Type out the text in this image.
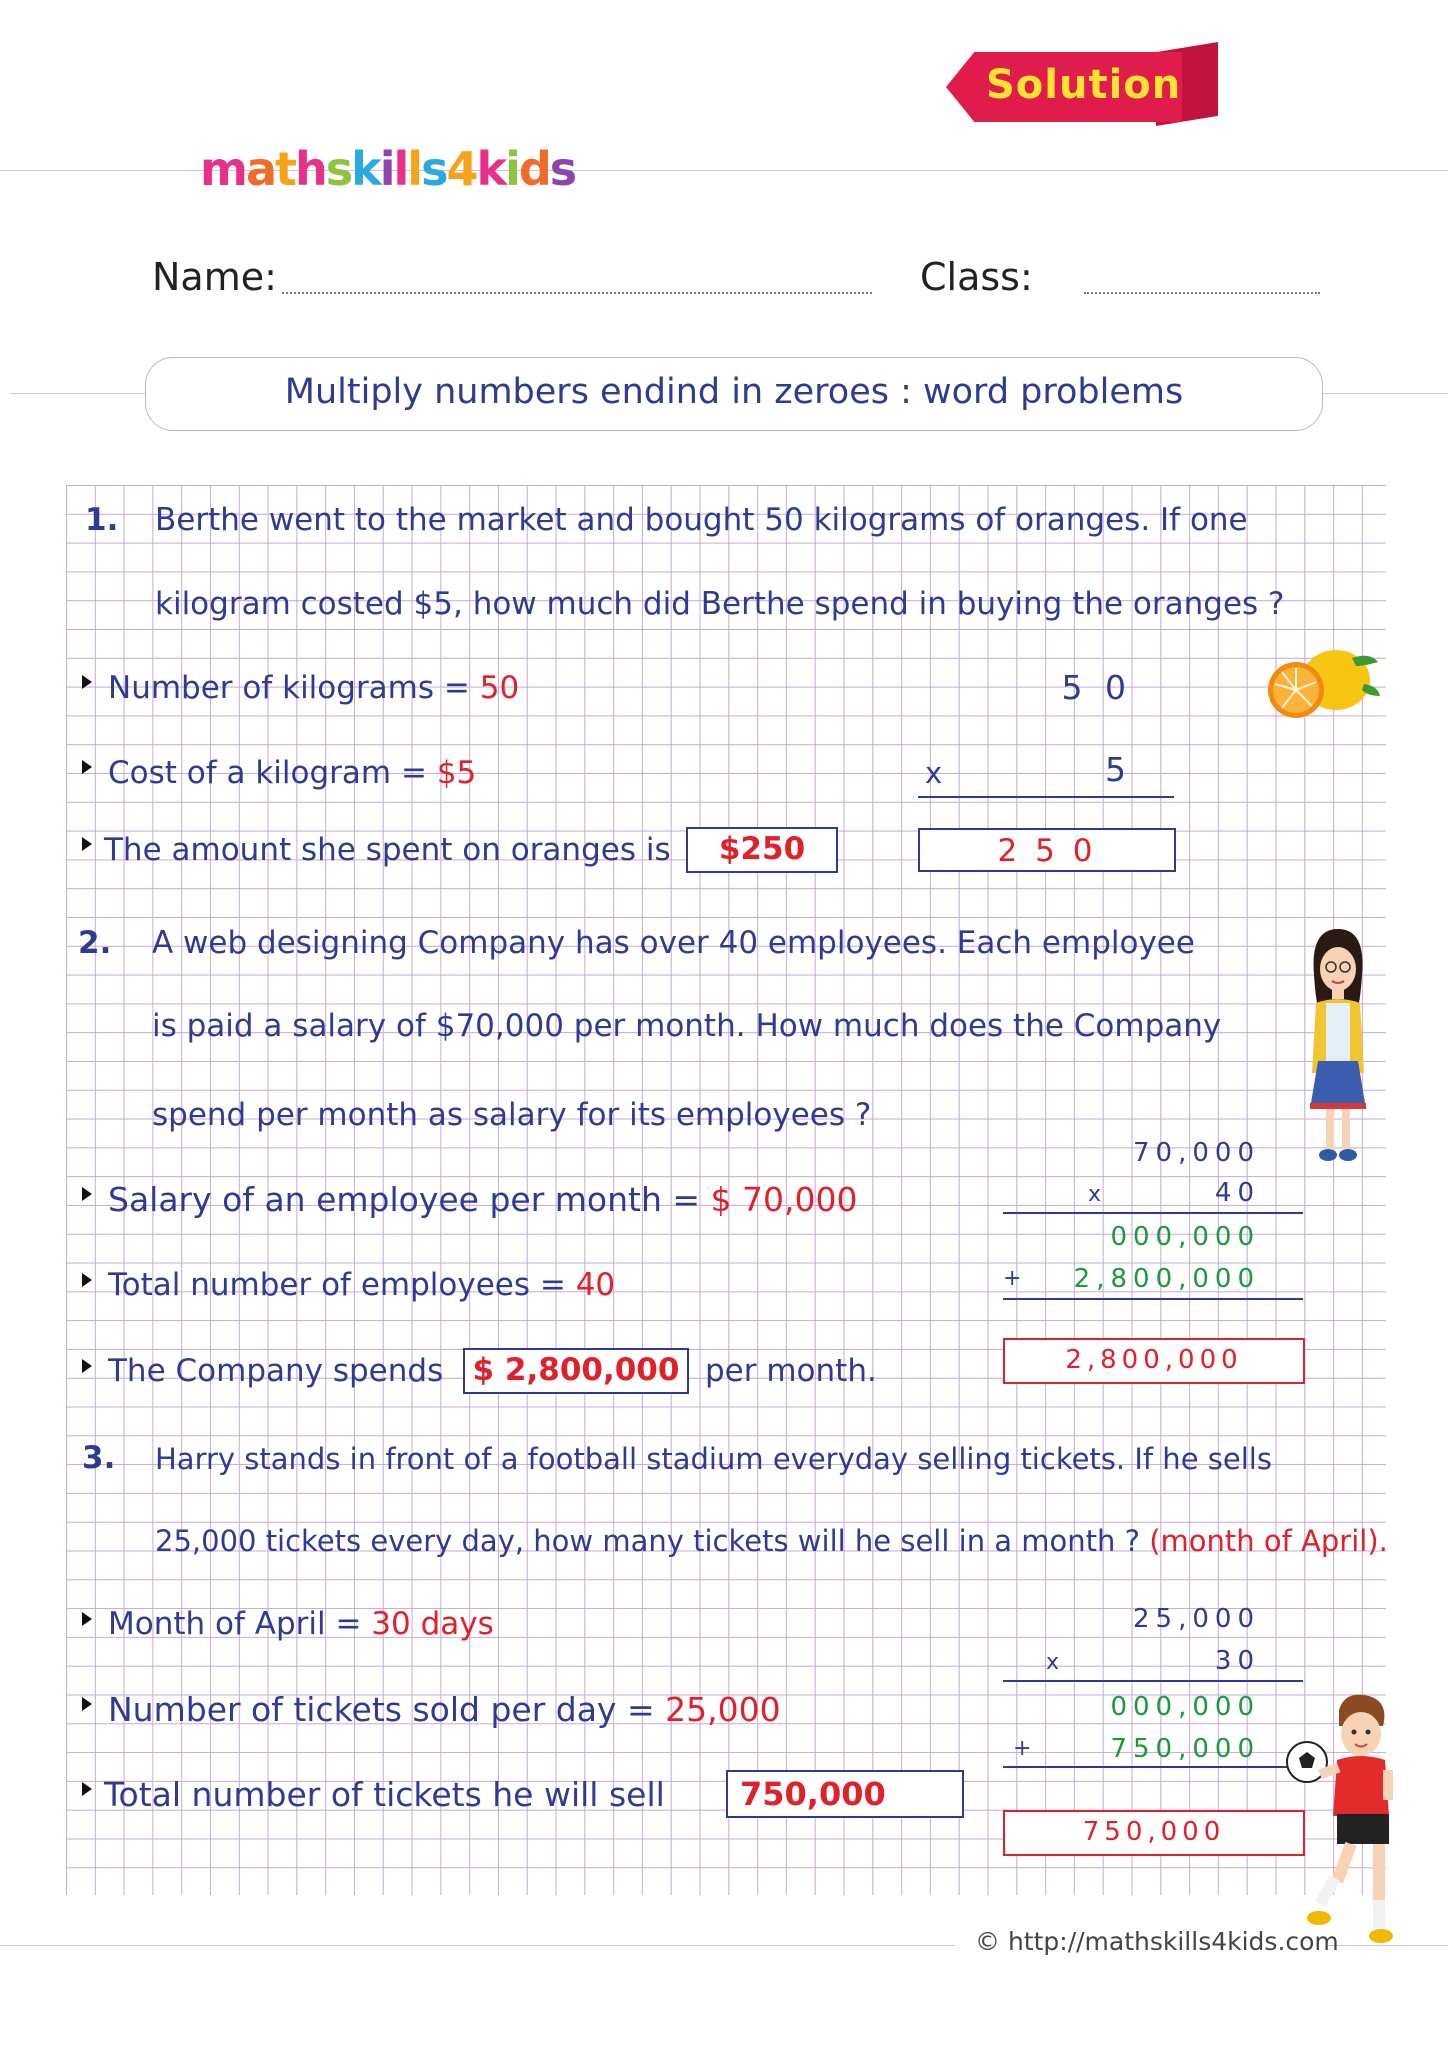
Solution
mathskills4kids
Name:	Class:
Multiply numbers endind in zeroes : word problems
1. Berthe went to the market and bought 50 kilograms of oranges. If one
kilogram costed $5, how much did Berthe spend in buying the oranges ?
Number of kilograms = 50
Cost of a kilogram = $5
The amount she spent on oranges is	$250
5 0
x	5
2 5 0
2. A web designing Company has over 40 employees. Each employee
is paid a salary of $70,000 per month. How much does the Company
spend per month as salary for its employees ?
Salary of an employee per month = $ 70,000
Total number of employees = 40
The Company spends $ 2,800,000 per month.
70,000
x	40
000,000
+	2,800,000
2,800,000
3. Harry stands in front of a football stadium everyday selling tickets. If he sells
25,000 tickets every day, how many tickets will he sell in a month ? (month of April).
Month of April = 30 days
Number of tickets sold per day = 25,000
Total number of tickets he will sell 750,000
25,000
x	30
000,000
+	750,000
750,000
© http://mathskills4kids.com
